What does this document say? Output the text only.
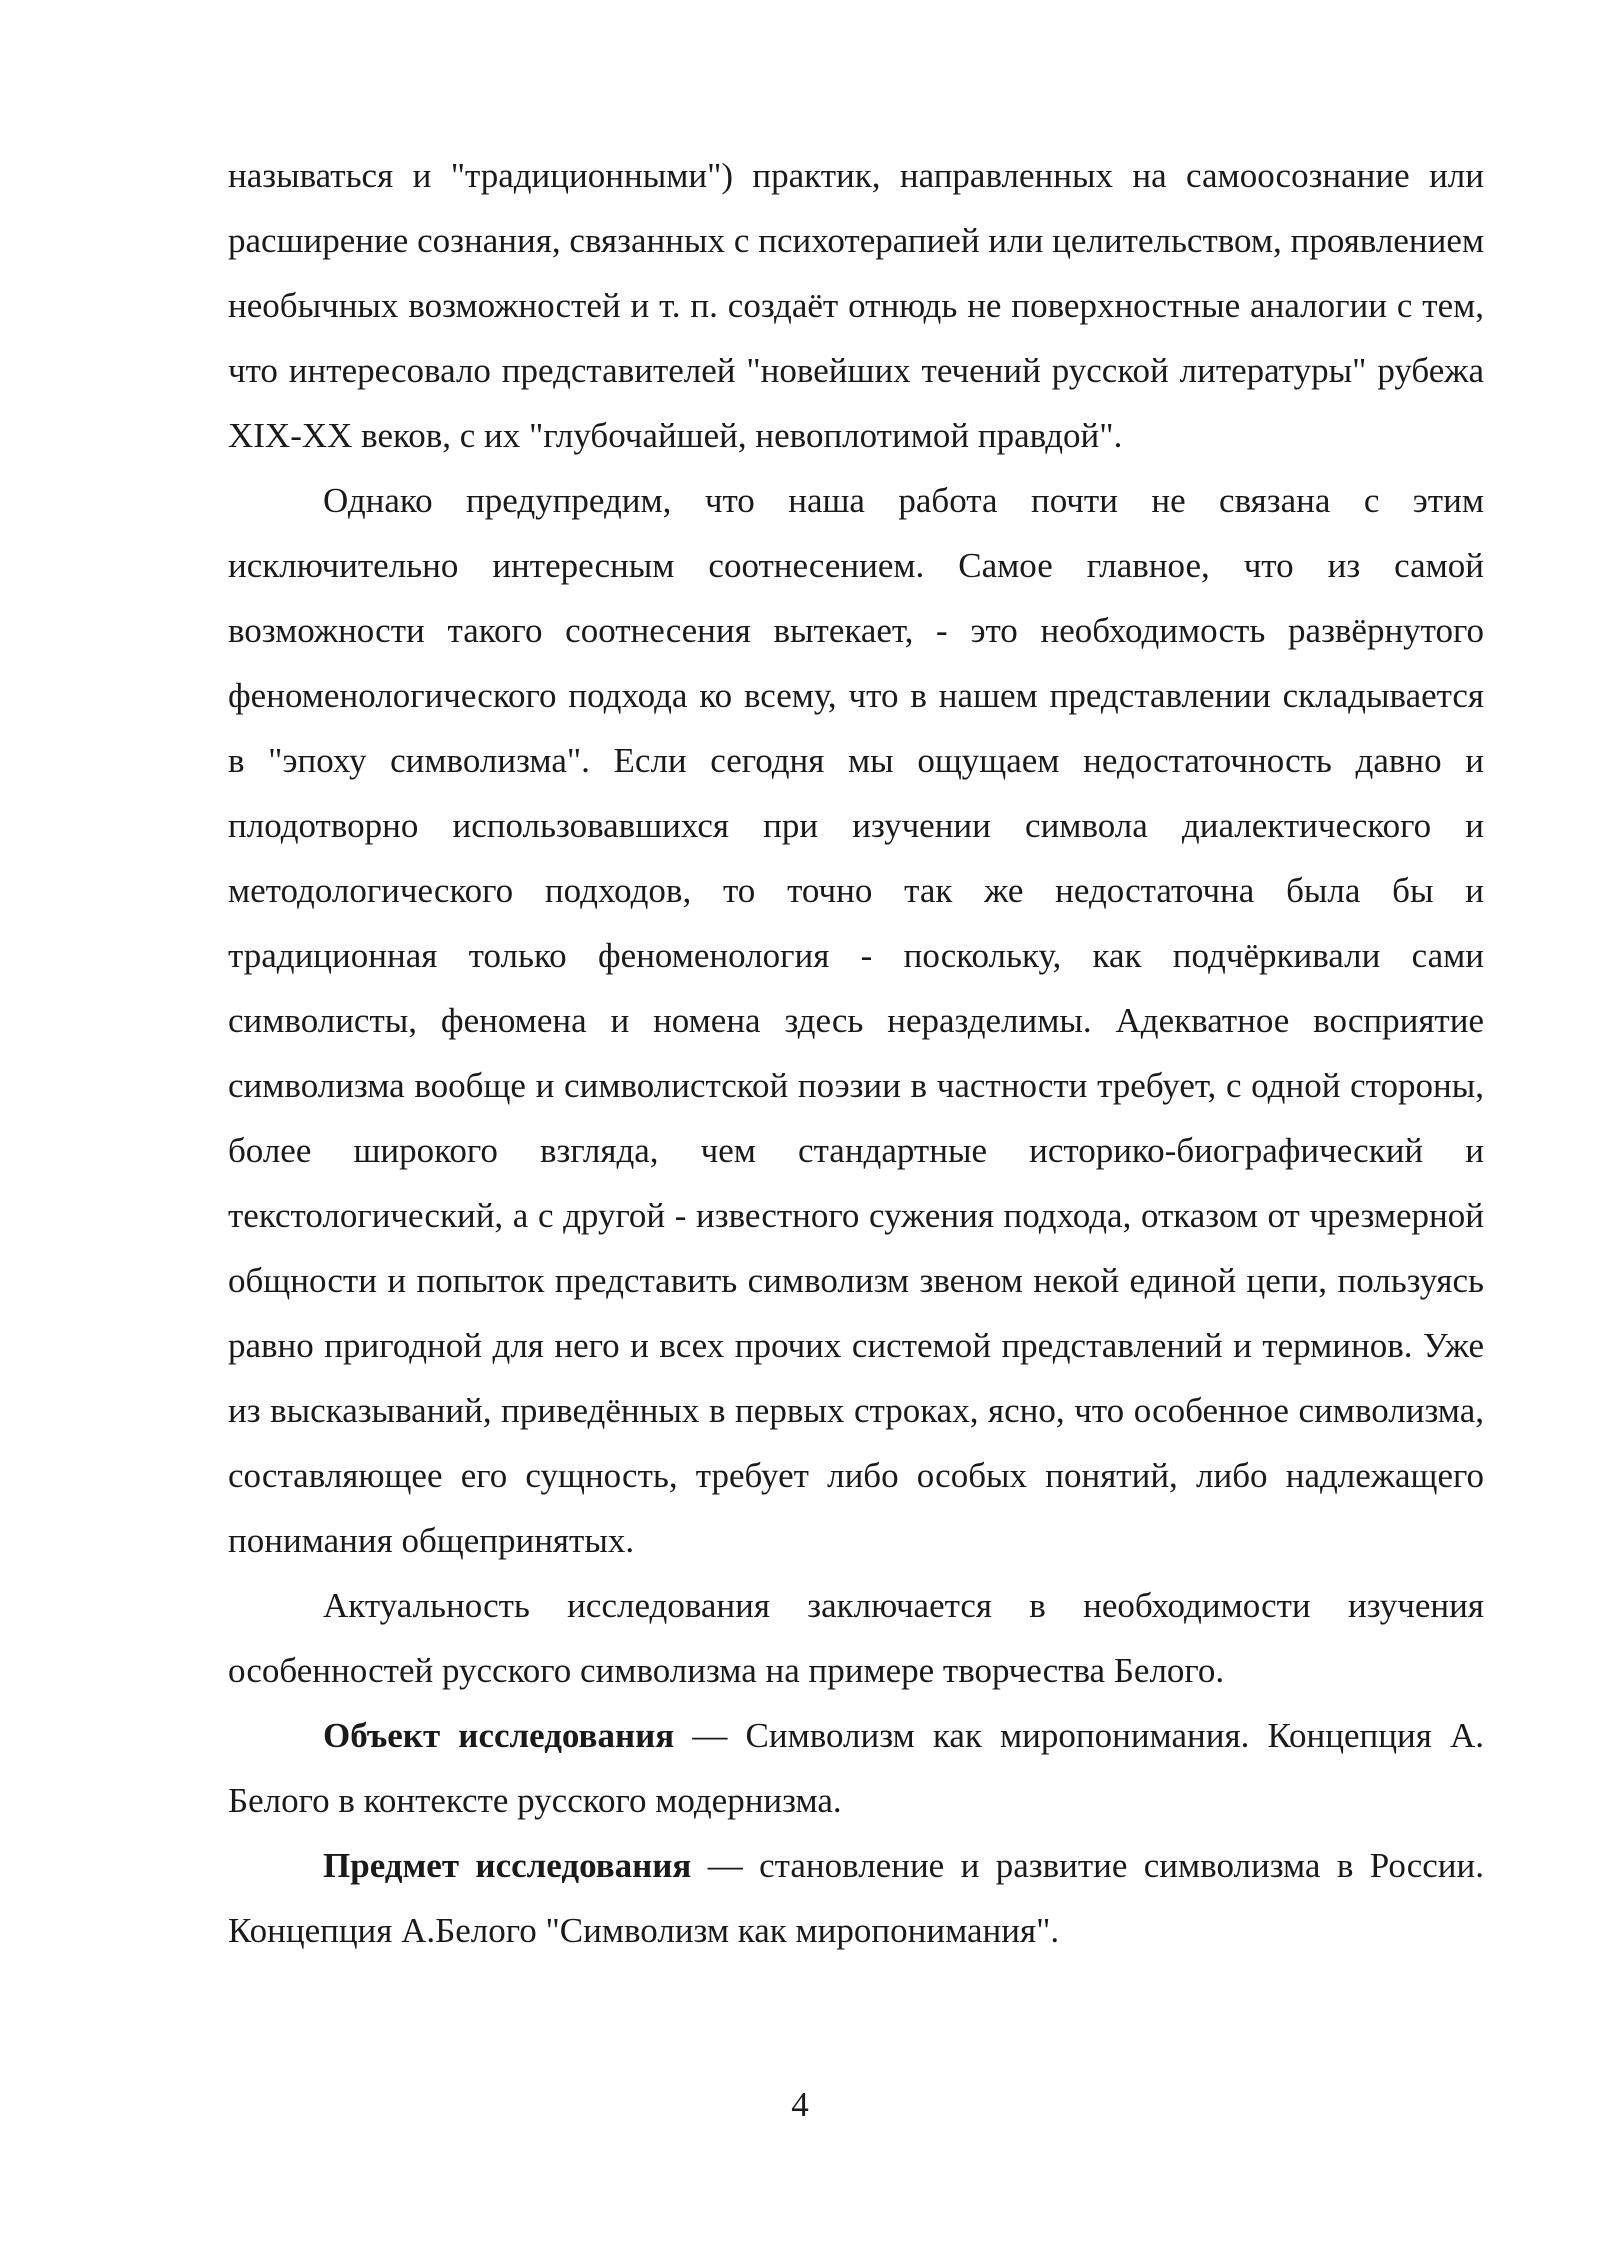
называться и "традиционными") практик, направленных на самоосознание или расширение сознания, связанных с психотерапией или целительством, проявлением необычных возможностей и т. п. создаёт отнюдь не поверхностные аналогии с тем, что интересовало представителей "новейших течений русской литературы" рубежа XIX-XX веков, с их "глубочайшей, невоплотимой правдой".

Однако предупредим, что наша работа почти не связана с этим исключительно интересным соотнесением. Самое главное, что из самой возможности такого соотнесения вытекает, - это необходимость развёрнутого феноменологического подхода ко всему, что в нашем представлении складывается в "эпоху символизма". Если сегодня мы ощущаем недостаточность давно и плодотворно использовавшихся при изучении символа диалектического и методологического подходов, то точно так же недостаточна была бы и традиционная только феноменология - поскольку, как подчёркивали сами символисты, феномена и номена здесь неразделимы. Адекватное восприятие символизма вообще и символистской поэзии в частности требует, с одной стороны, более широкого взгляда, чем стандартные историко-биографический и текстологический, а с другой - известного сужения подхода, отказом от чрезмерной общности и попыток представить символизм звеном некой единой цепи, пользуясь равно пригодной для него и всех прочих системой представлений и терминов. Уже из высказываний, приведённых в первых строках, ясно, что особенное символизма, составляющее его сущность, требует либо особых понятий, либо надлежащего понимания общепринятых.

Актуальность исследования заключается в необходимости изучения особенностей русского символизма на примере творчества Белого.

Объект исследования — Символизм как миропонимания. Концепция А. Белого в контексте русского модернизма.

Предмет исследования — становление и развитие символизма в России. Концепция А.Белого "Символизм как миропонимания".

4
